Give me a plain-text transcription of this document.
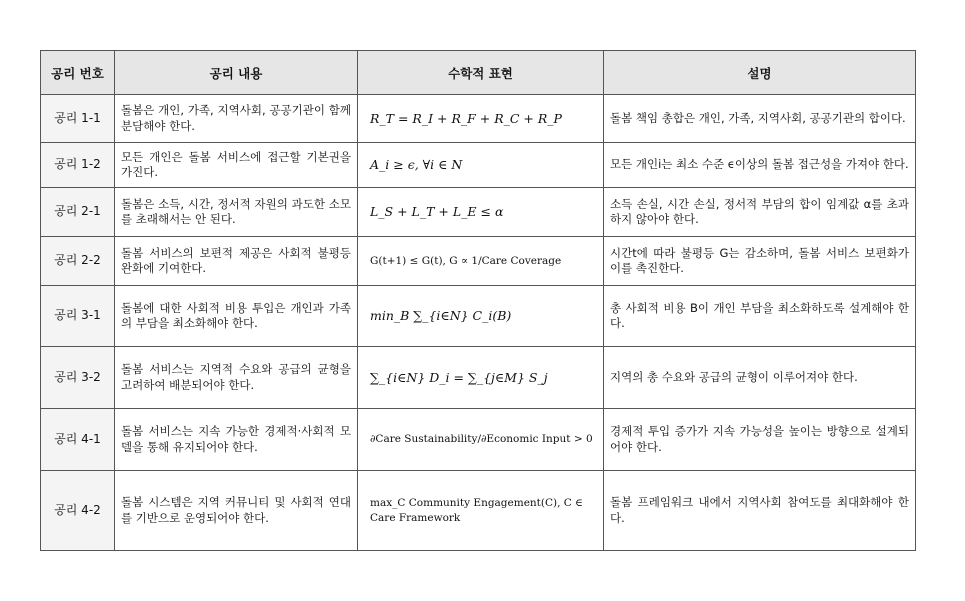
공리 번호	공리 내용	수학적 표현	설명
공리 1-1	돌봄은 개인, 가족, 지역사회, 공공기관이 함께 분담해야 한다.	R_T = R_I + R_F + R_C + R_P	돌봄 책임 총합은 개인, 가족, 지역사회, 공공기관의 합이다.
공리 1-2	모든 개인은 돌봄 서비스에 접근할 기본권을 가진다.	A_i ≥ ϵ, ∀i ∈ N	모든 개인i는 최소 수준 ϵ이상의 돌봄 접근성을 가져야 한다.
공리 2-1	돌봄은 소득, 시간, 정서적 자원의 과도한 소모를 초래해서는 안 된다.	L_S + L_T + L_E ≤ α	소득 손실, 시간 손실, 정서적 부담의 합이 임계값 α를 초과하지 않아야 한다.
공리 2-2	돌봄 서비스의 보편적 제공은 사회적 불평등 완화에 기여한다.	G(t+1) ≤ G(t), G ∝ 1/Care Coverage	시간t에 따라 불평등 G는 감소하며, 돌봄 서비스 보편화가 이를 촉진한다.
공리 3-1	돌봄에 대한 사회적 비용 투입은 개인과 가족의 부담을 최소화해야 한다.	min_B ∑_{i∈N} C_i(B)	총 사회적 비용 B이 개인 부담을 최소화하도록 설계해야 한다.
공리 3-2	돌봄 서비스는 지역적 수요와 공급의 균형을 고려하여 배분되어야 한다.	∑_{i∈N} D_i = ∑_{j∈M} S_j	지역의 총 수요와 공급의 균형이 이루어져야 한다.
공리 4-1	돌봄 서비스는 지속 가능한 경제적·사회적 모델을 통해 유지되어야 한다.	∂Care Sustainability/∂Economic Input > 0	경제적 투입 증가가 지속 가능성을 높이는 방향으로 설계되어야 한다.
공리 4-2	돌봄 시스템은 지역 커뮤니티 및 사회적 연대를 기반으로 운영되어야 한다.	max_C Community Engagement(C), C ∈ Care Framework	돌봄 프레임워크 내에서 지역사회 참여도를 최대화해야 한다.
